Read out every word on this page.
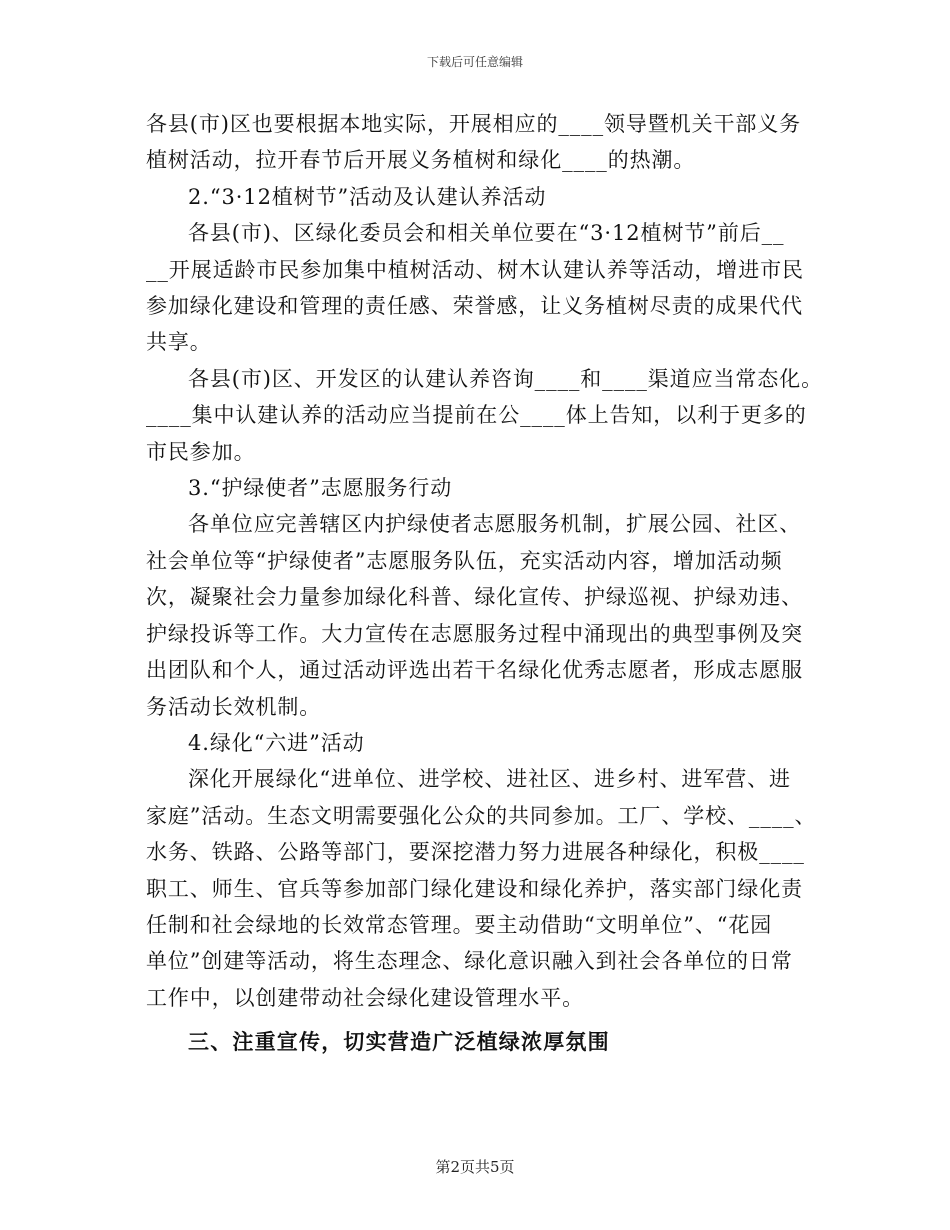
下载后可任意编辑
各县(市)区也要根据本地实际，开展相应的____领导暨机关干部义务
植树活动，拉开春节后开展义务植树和绿化____的热潮。
2.“3·12植树节”活动及认建认养活动
各县(市)、区绿化委员会和相关单位要在“3·12植树节”前后__
__开展适龄市民参加集中植树活动、树木认建认养等活动，增进市民
参加绿化建设和管理的责任感、荣誉感，让义务植树尽责的成果代代
共享。
各县(市)区、开发区的认建认养咨询____和____渠道应当常态化。
____集中认建认养的活动应当提前在公____体上告知，以利于更多的
市民参加。
3.“护绿使者”志愿服务行动
各单位应完善辖区内护绿使者志愿服务机制，扩展公园、社区、
社会单位等“护绿使者”志愿服务队伍，充实活动内容，增加活动频
次，凝聚社会力量参加绿化科普、绿化宣传、护绿巡视、护绿劝违、
护绿投诉等工作。大力宣传在志愿服务过程中涌现出的典型事例及突
出团队和个人，通过活动评选出若干名绿化优秀志愿者，形成志愿服
务活动长效机制。
4.绿化“六进”活动
深化开展绿化“进单位、进学校、进社区、进乡村、进军营、进
家庭”活动。生态文明需要强化公众的共同参加。工厂、学校、____、
水务、铁路、公路等部门，要深挖潜力努力进展各种绿化，积极____
职工、师生、官兵等参加部门绿化建设和绿化养护，落实部门绿化责
任制和社会绿地的长效常态管理。要主动借助“文明单位”、“花园
单位”创建等活动，将生态理念、绿化意识融入到社会各单位的日常
工作中，以创建带动社会绿化建设管理水平。
三、注重宣传，切实营造广泛植绿浓厚氛围
第2页共5页
